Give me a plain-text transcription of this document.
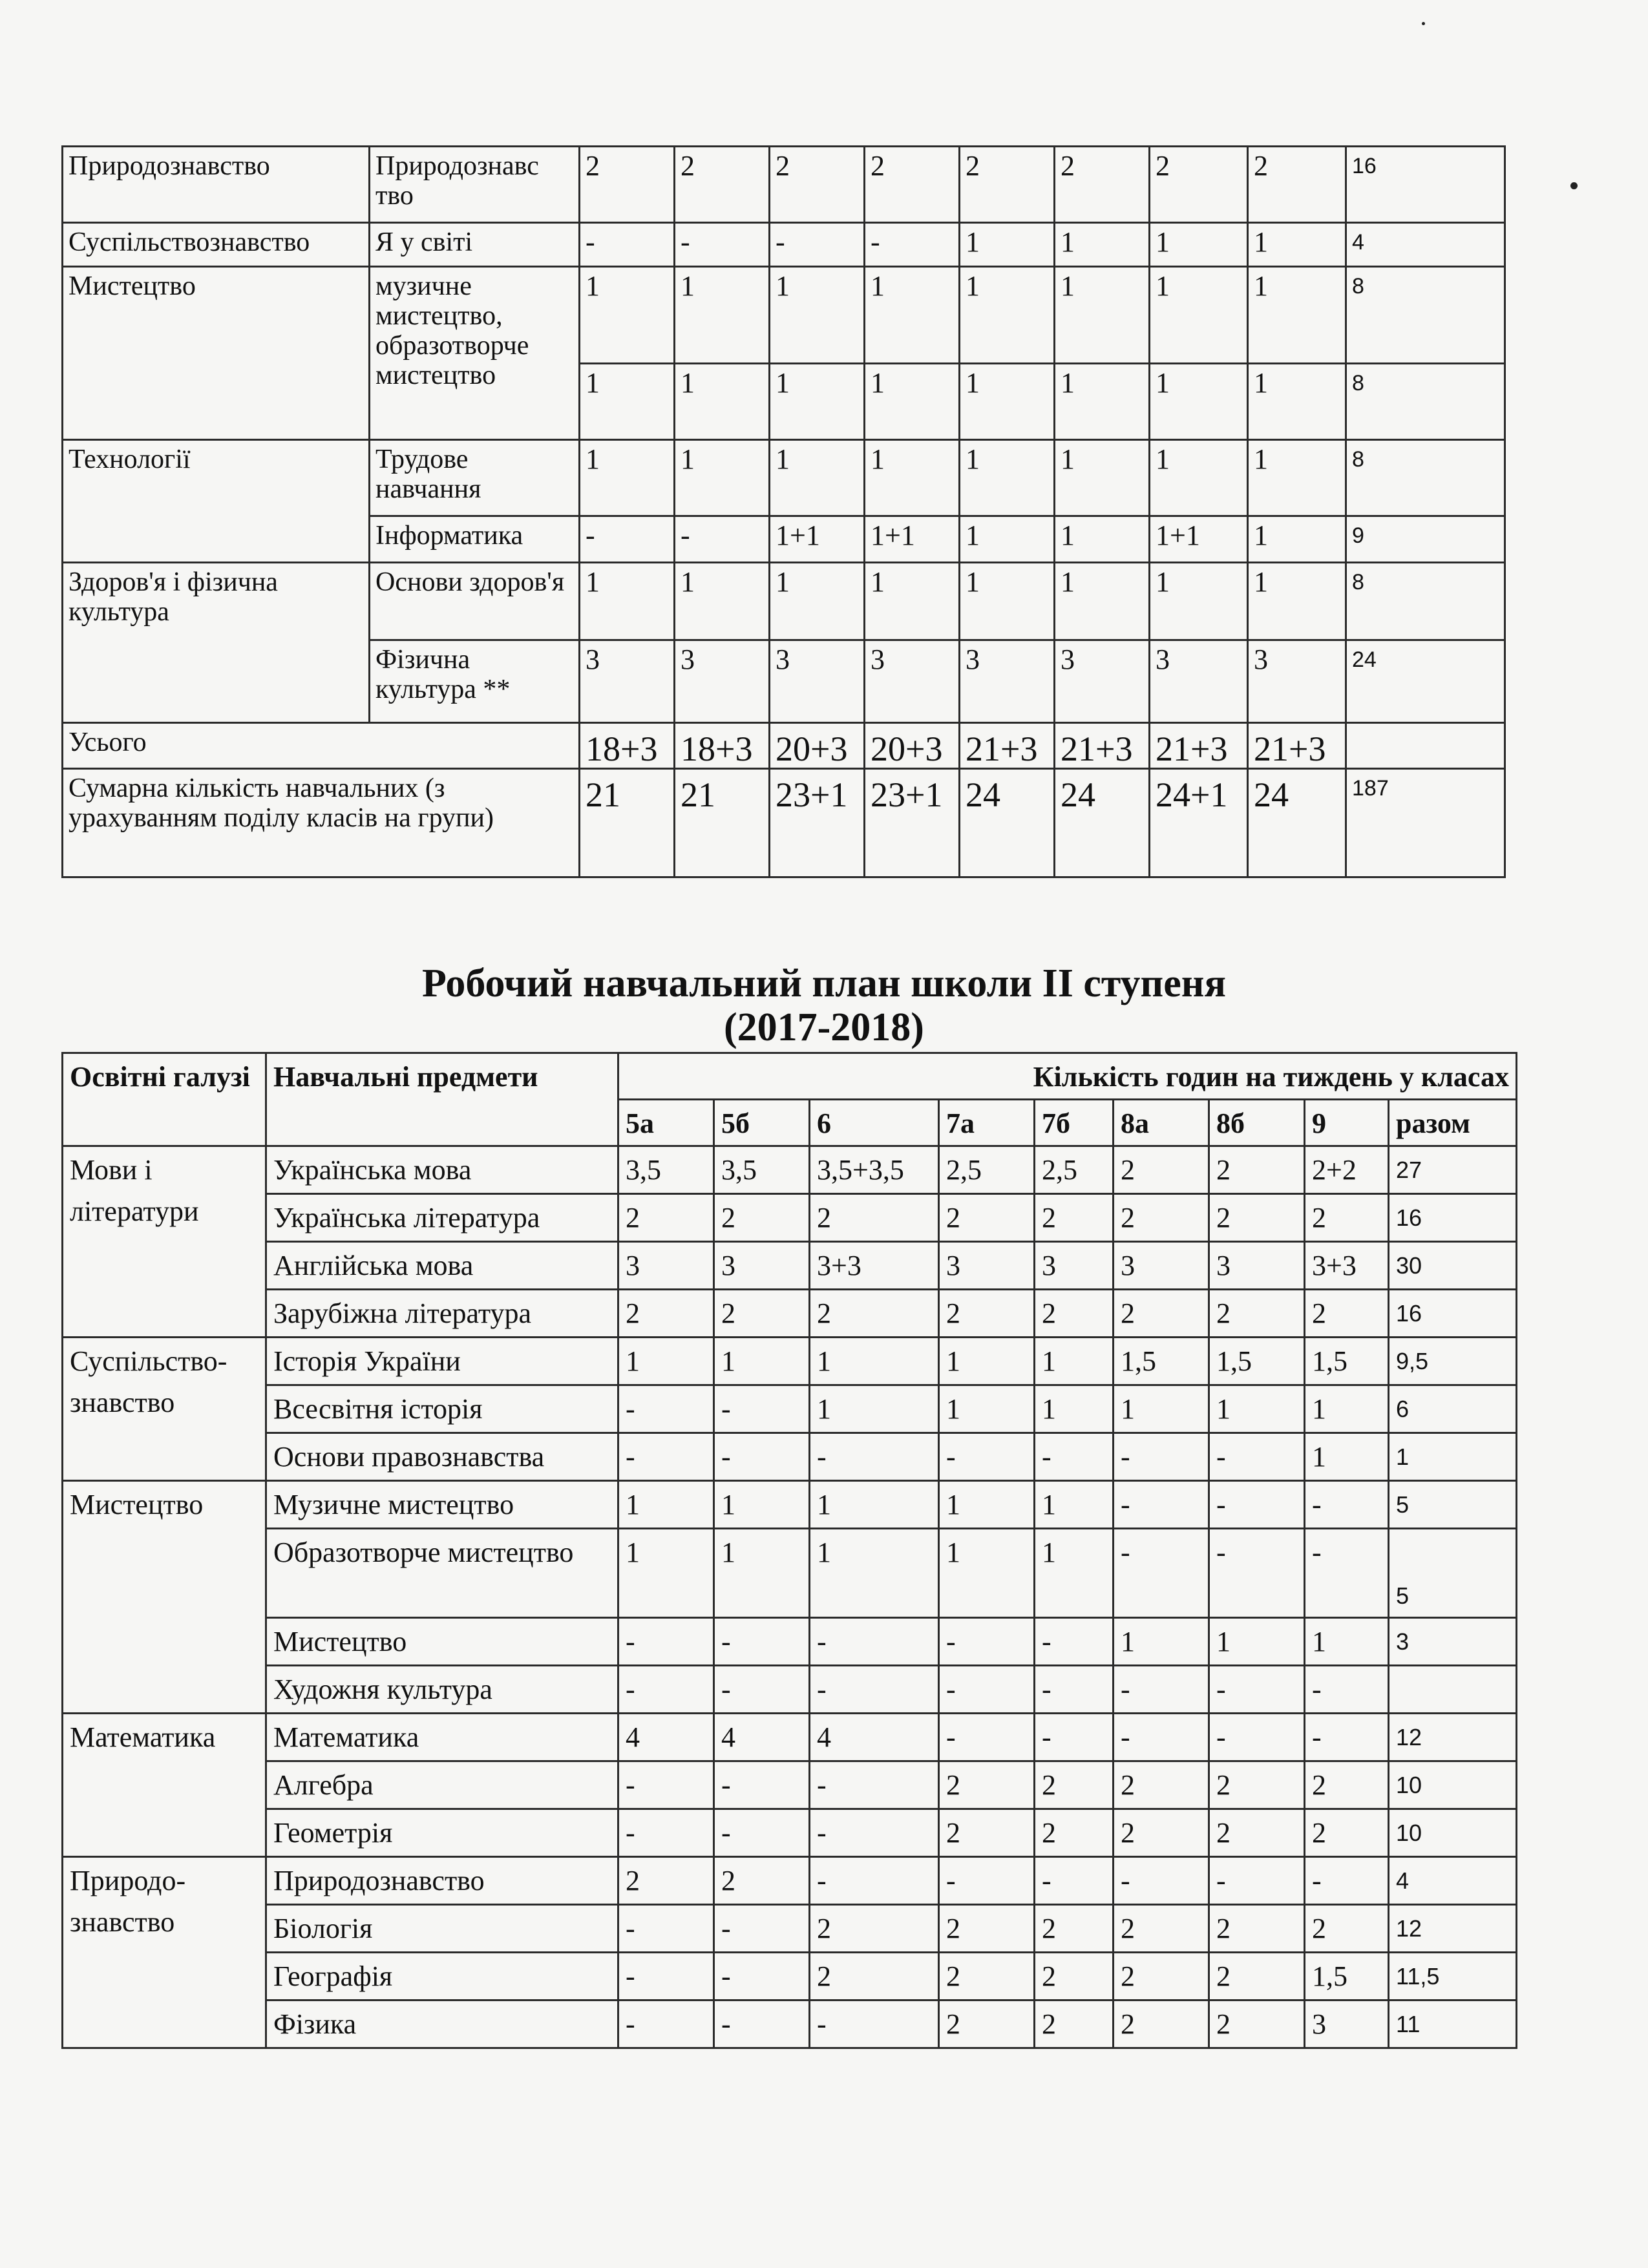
Природознавство	Природознавс тво	2	2	2	2	2	2	2	2	16
Суспільствознавство	Я у світі	-	-	-	-	1	1	1	1	4
Мистецтво	музичне мистецтво, образотворче мистецтво	1	1	1	1	1	1	1	1	8
		1	1	1	1	1	1	1	1	8
Технології	Трудове навчання	1	1	1	1	1	1	1	1	8
	Інформатика	-	-	1+1	1+1	1	1	1+1	1	9
Здоров'я і фізична культура	Основи здоров'я	1	1	1	1	1	1	1	1	8
	Фізична культура **	3	3	3	3	3	3	3	3	24
Усього		18+3	18+3	20+3	20+3	21+3	21+3	21+3	21+3	
Сумарна кількість навчальних (з урахуванням поділу класів на групи)		21	21	23+1	23+1	24	24	24+1	24	187
Робочий навчальний план школи ІІ ступеня
(2017-2018)
Освітні галузі	Навчальні предмети	Кількість годин на тиждень у класах								
		5а	5б	6	7а	7б	8а	8б	9	разом
Мови і літератури	Українська мова	3,5	3,5	3,5+3,5	2,5	2,5	2	2	2+2	27
	Українська література	2	2	2	2	2	2	2	2	16
	Англійська мова	3	3	3+3	3	3	3	3	3+3	30
	Зарубіжна література	2	2	2	2	2	2	2	2	16
Суспільство-знавство	Історія України	1	1	1	1	1	1,5	1,5	1,5	9,5
	Всесвітня історія	-	-	1	1	1	1	1	1	6
	Основи правознавства	-	-	-	-	-	-	-	1	1
Мистецтво	Музичне мистецтво	1	1	1	1	1	-	-	-	5
	Образотворче мистецтво	1	1	1	1	1	-	-	-	5
	Мистецтво	-	-	-	-	-	1	1	1	3
	Художня культура	-	-	-	-	-	-	-	-	
Математика	Математика	4	4	4	-	-	-	-	-	12
	Алгебра	-	-	-	2	2	2	2	2	10
	Геометрія	-	-	-	2	2	2	2	2	10
Природо-знавство	Природознавство	2	2	-	-	-	-	-	-	4
	Біологія	-	-	2	2	2	2	2	2	12
	Географія	-	-	2	2	2	2	2	1,5	11,5
	Фізика	-	-	-	2	2	2	2	3	11
